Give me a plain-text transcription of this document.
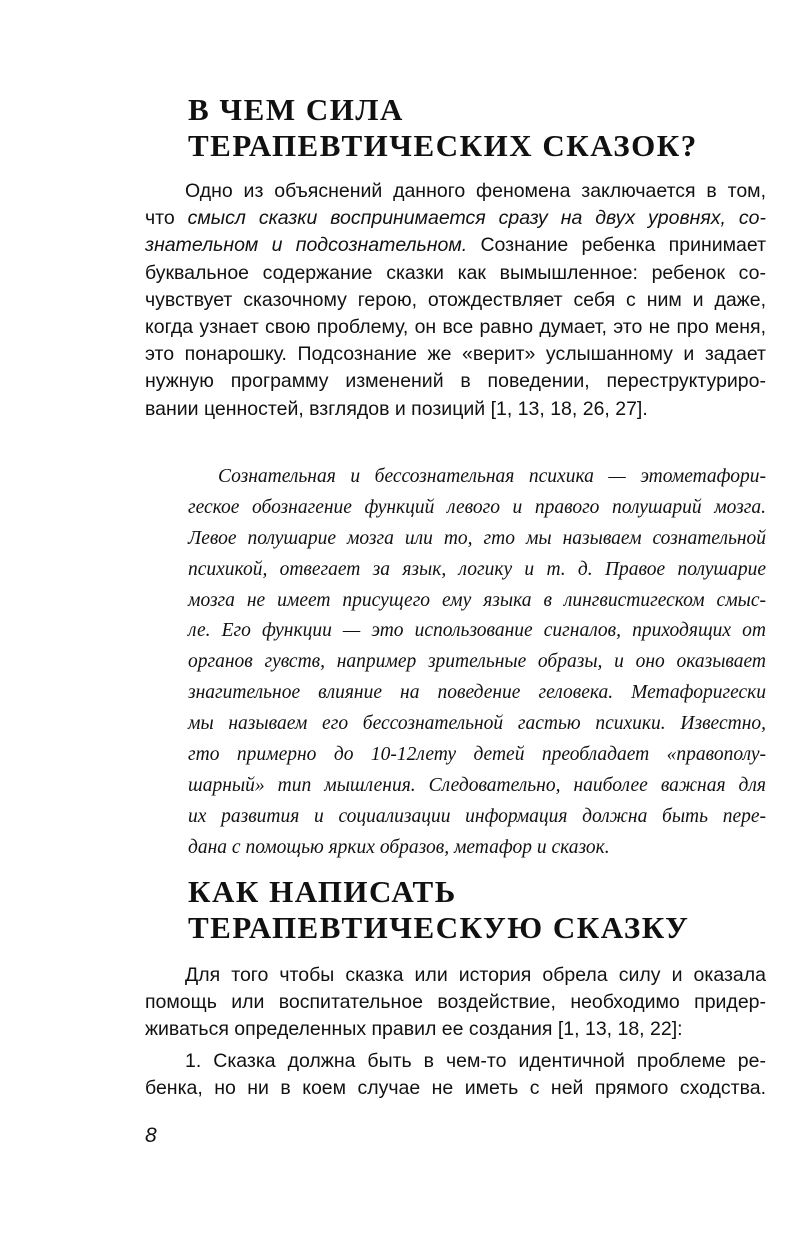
В ЧЕМ СИЛА
ТЕРАПЕВТИЧЕСКИХ СКАЗОК?

Одно из объяснений данного феномена заключается в том,
что смысл сказки воспринимается сразу на двух уровнях, со-
знательном и подсознательном. Сознание ребенка принимает
буквальное содержание сказки как вымышленное: ребенок со-
чувствует сказочному герою, отождествляет себя с ним и даже,
когда узнает свою проблему, он все равно думает, это не про меня,
это понарошку. Подсознание же «верит» услышанному и задает
нужную программу изменений в поведении, переструктуриро-
вании ценностей, взглядов и позиций [1, 13, 18, 26, 27].

Сознательная и бессознательная психика — этометафори-
геское обознагение функций левого и правого полушарий мозга.
Левое полушарие мозга или то, гто мы называем сознательной
психикой, отвегает за язык, логику и т. д. Правое полушарие
мозга не имеет присущего ему языка в лингвистигеском смыс-
ле. Его функции — это использование сигналов, приходящих от
органов гувств, например зрительные образы, и оно оказывает
знагительное влияние на поведение геловека. Метафоригески
мы называем его бессознательной гастью психики. Известно,
гто примерно до 10-12лету детей преобладает «правополу-
шарный» тип мышления. Следовательно, наиболее важная для
их развития и социализации информация должна быть пере-
дана с помощью ярких образов, метафор и сказок.
КАК НАПИСАТЬ
ТЕРАПЕВТИЧЕСКУЮ СКАЗКУ

Для того чтобы сказка или история обрела силу и оказала
помощь или воспитательное воздействие, необходимо придер-
живаться определенных правил ее создания [1, 13, 18, 22]:

1. Сказка должна быть в чем-то идентичной проблеме ре-
бенка, но ни в коем случае не иметь с ней прямого сходства.

8
